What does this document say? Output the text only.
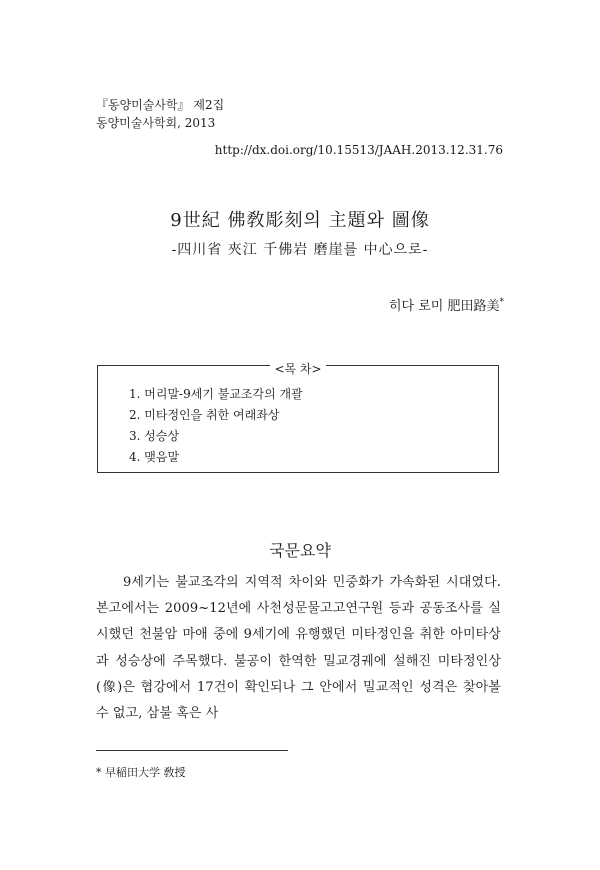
『동양미술사학』 제2집
동양미술사학회, 2013
http://dx.doi.org/10.15513/JAAH.2013.12.31.76
9世紀 佛敎彫刻의 主題와 圖像
-四川省 夾江 千佛岩 磨崖를 中心으로-
히다 로미 肥田路美*
<목 차>
1. 머리말-9세기 불교조각의 개괄
2. 미타정인을 취한 여래좌상
3. 성승상
4. 맺음말
국문요약

9세기는 불교조각의 지역적 차이와 민중화가 가속화된 시대였다. 본고에서는 2009~12년에 사천성문물고고연구원 등과 공동조사를 실시했던 천불암 마애 중에 9세기에 유행했던 미타정인을 취한 아미타상과 성승상에 주목했다. 불공이 한역한 밀교경궤에 설해진 미타정인상(像)은 협강에서 17건이 확인되나 그 안에서 밀교적인 성격은 찾아볼 수 없고, 삼불 혹은 사

* 早稲田大学 敎授
